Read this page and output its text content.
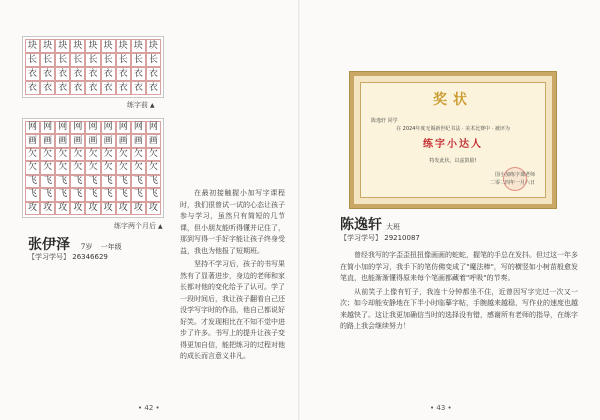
块 块 块 块 块 块 块 块 块
长 长 长 长 长 长 长 长 长
衣 衣 衣 衣 衣 衣 衣 衣 衣
衣 衣 衣 衣 衣 衣 衣 衣 衣
练字前 ▲
网 网 网 网 网 网 网 网 网
画 画 画 画 画 画 画 画 画
欠 欠 欠 欠 欠 欠 欠 欠 欠
欠 欠 欠 欠 欠 欠 欠 欠 欠
飞 飞 飞 飞 飞 飞 飞 飞 飞
飞 飞 飞 飞 飞 飞 飞 飞 飞
攻 攻 攻 攻 攻 攻 攻 攻 攻
练字两个月后 ▲
张伊泽 7岁 一年级
【学习学号】 26346629

在最初接触握小加写字课程时，我们很曾试一试的心态让孩子参与学习，虽然只有简短的几节课，但小朋友能听得懂并记住了，那到写得一手好字能让孩子终身受益，我也为他报了短期班。

坚持不学习后，孩子的书写果然有了显著进步，身边的老师和家长都对他的变化给予了认可。学了一段时间后，我让孩子翻看自己还没学写字时的作品，他自己都说好好笑。才发现相比在不知不觉中进步了许多。书写上的提升让孩子变得更加自信，能把练习的过程对他的成长而言意义非凡。

• 42 •
奖状
陈逸轩 同学
在 2024年度无锡新世纪书法 · 美术比赛中 · 被评为
练字小达人
特发此状，以兹鼓励!
国小加练字课老师
二零二四年一月六日
陈逸轩 大班
【学习学号】 29210087

曾经我写的字歪歪扭扭像画画的蛇蛇，握笔的手总在发抖。但过这一年多在简小加的学习，我手下的笔仿佛变成了"魔法棒"，写的横竖如小树苗般愈发笔直，也能渐渐懂得原来每个笔画都藏着"呼吸"的节奏。

从前笑子上像有钉子，我连十分钟都坐不住，近曾因写字完过一次又一次；如今却能安静地在下半小时临摹字帖，手腕越来越稳，写作业的速度也越来越快了。这让我更加确信当时的选择没有错，感谢所有老师的指导，在练字的路上我会继续努力！

• 43 •
